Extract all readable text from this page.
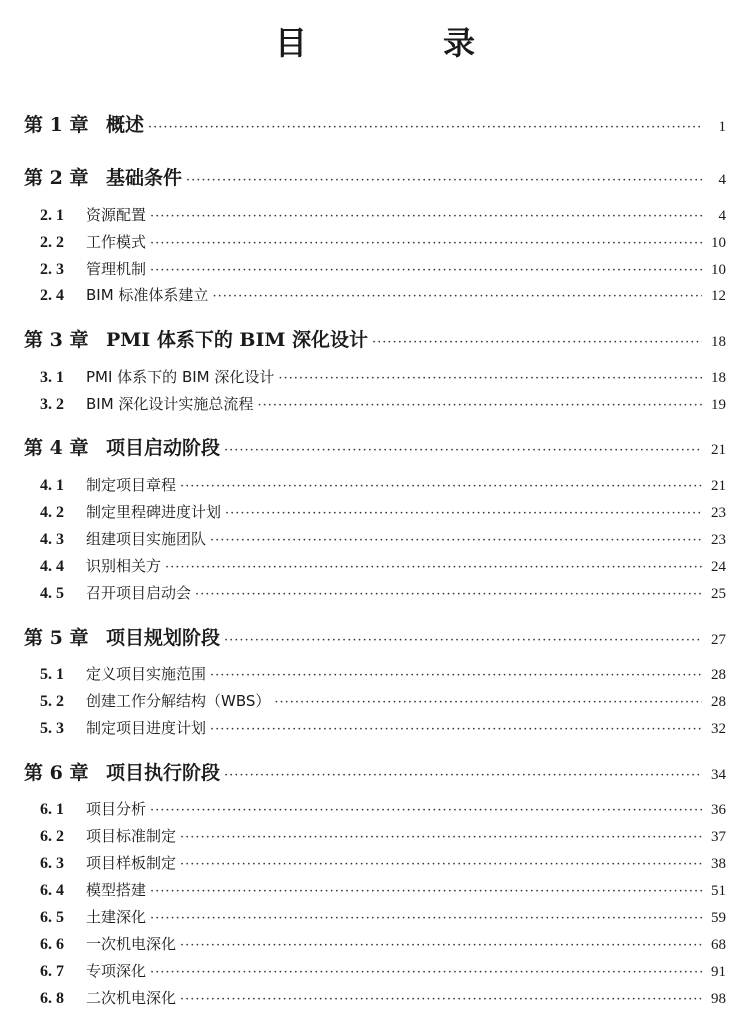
目　录
第 1 章 概述 ·····	1
第 2 章 基础条件 ·····	4
2. 1	资源配置 ·····	4
2. 2	工作模式 ·····	10
2. 3	管理机制 ·····	10
2. 4	BIM 标准体系建立 ·····	12
第 3 章 PMI 体系下的 BIM 深化设计 ·····	18
3. 1	PMI 体系下的 BIM 深化设计 ·····	18
3. 2	BIM 深化设计实施总流程 ·····	19
第 4 章 项目启动阶段 ·····	21
4. 1	制定项目章程 ·····	21
4. 2	制定里程碑进度计划 ·····	23
4. 3	组建项目实施团队 ·····	23
4. 4	识别相关方 ·····	24
4. 5	召开项目启动会 ·····	25
第 5 章 项目规划阶段 ·····	27
5. 1	定义项目实施范围 ·····	28
5. 2	创建工作分解结构（WBS） ·····	28
5. 3	制定项目进度计划 ·····	32
第 6 章 项目执行阶段 ·····	34
6. 1	项目分析 ·····	36
6. 2	项目标准制定 ·····	37
6. 3	项目样板制定 ·····	38
6. 4	模型搭建 ·····	51
6. 5	土建深化 ·····	59
6. 6	一次机电深化 ·····	68
6. 7	专项深化 ·····	91
6. 8	二次机电深化 ·····	98
